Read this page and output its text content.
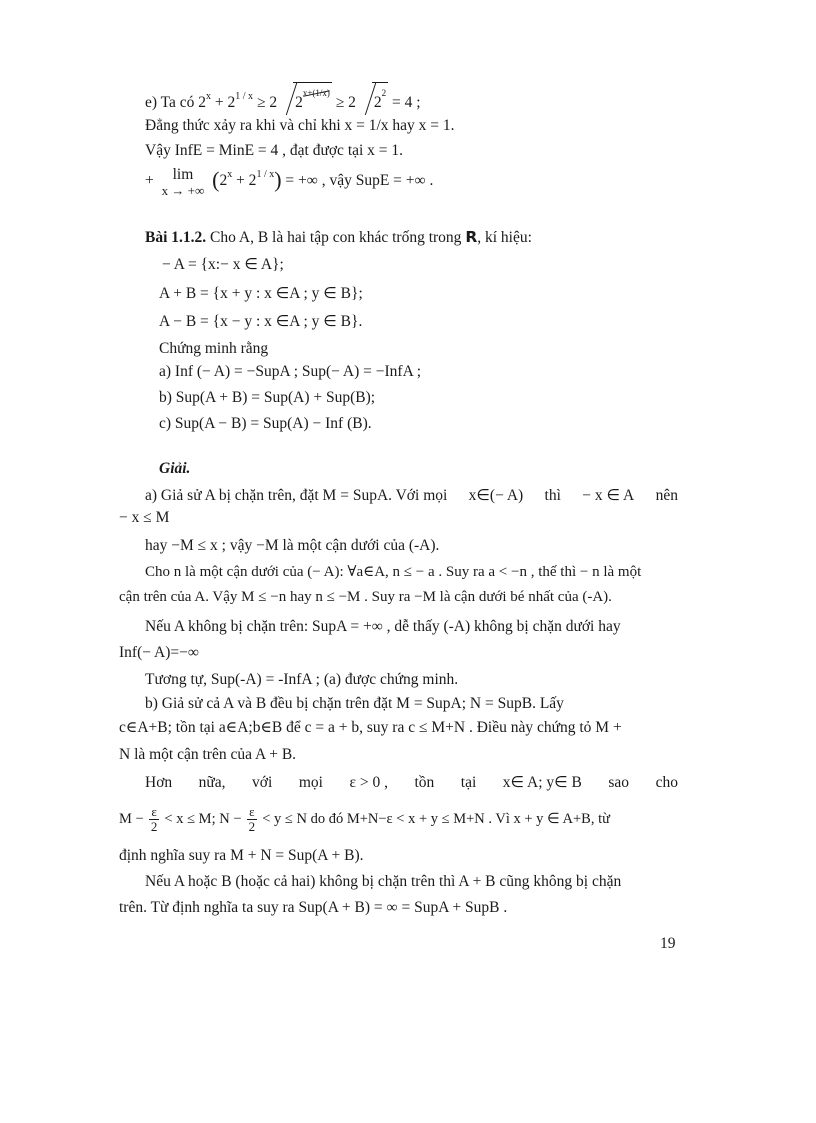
e) Ta có $2^x + 2^{1 / x} \ge 2$ 2x+(1/x) ≥ 2 $2^2 = 4$ ;
Đẳng thức xảy ra khi và chỉ khi x = 1/x hay x = 1.
Vậy InfE = MinE = 4 , đạt được tại x = 1.
+	lim
x → +∞ $(2^x + 2^{1 / x})$ = +∞ , vậy SupE = +∞ .
Bài 1.1.2. Cho A, B là hai tập con khác trống trong R, kí hiệu:
− A = {x:− x ∈ A};
A + B = {x + y : x ∈A ; y ∈ B};
A − B = {x − y : x ∈A ; y ∈ B}.
Chứng minh rằng
a) Inf (− A) = −SupA ; Sup(− A) = −InfA ;
b) Sup(A + B) = Sup(A) + Sup(B);
c) Sup(A − B) = Sup(A) − Inf (B).
Giải.
a) Giả sử A bị chặn trên, đặt M = SupA. Với mọi x∈(− A) thì − x ∈ A nên
− x ≤ M
hay −M ≤ x ; vậy −M là một cận dưới của (-A).
Cho n là một cận dưới của (− A): ∀a∈A, n ≤ − a . Suy ra a < −n , thế thì − n là một
cận trên của A. Vậy M ≤ −n hay n ≤ −M . Suy ra −M là cận dưới bé nhất của (-A).
Nếu A không bị chặn trên: SupA = +∞ , dễ thấy (-A) không bị chặn dưới hay
Inf(− A)=−∞
Tương tự, Sup(-A) = -InfA ; (a) được chứng minh.
b) Giả sử cả A và B đều bị chặn trên đặt M = SupA; N = SupB. Lấy
c∈A+B; tồn tại a∈A;b∈B để c = a + b, suy ra c ≤ M+N . Điều này chứng tỏ M +
N là một cận trên của A + B.
Hơn nữa, với mọi ε > 0 , tồn tại x∈ A; y∈ B sao cho
$M - \frac{\varepsilon}{2} < x \le M$; $N - \frac{\varepsilon}{2} < y \le N$ do đó M+N−ε < x + y ≤ M+N . Vì x + y ∈ A+B, từ
định nghĩa suy ra M + N = Sup(A + B).
Nếu A hoặc B (hoặc cả hai) không bị chặn trên thì A + B cũng không bị chặn
trên. Từ định nghĩa ta suy ra Sup(A + B) = ∞ = SupA + SupB .
19
